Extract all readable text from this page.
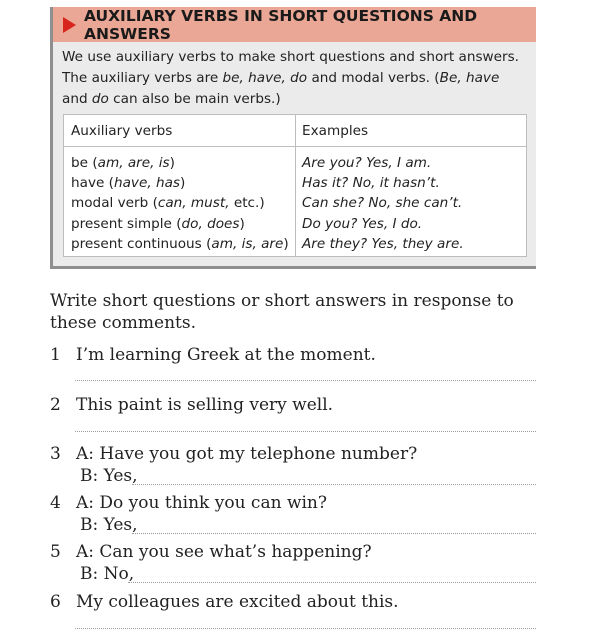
AUXILIARY VERBS IN SHORT QUESTIONS AND ANSWERS
We use auxiliary verbs to make short questions and short answers.
The auxiliary verbs are be, have, do and modal verbs. (Be, have
and do can also be main verbs.)
Auxiliary verbs	Examples
be (am, are, is)
have (have, has)
modal verb (can, must, etc.)
present simple (do, does)
present continuous (am, is, are)
Are you? Yes, I am.
Has it? No, it hasn’t.
Can she? No, she can’t.
Do you? Yes, I do.
Are they? Yes, they are.
Write short questions or short answers in response to these comments.
1 I’m learning Greek at the moment.
2 This paint is selling very well.
3 A: Have you got my telephone number?
B: Yes,
4 A: Do you think you can win?
B: Yes,
5 A: Can you see what’s happening?
B: No,
6 My colleagues are excited about this.
